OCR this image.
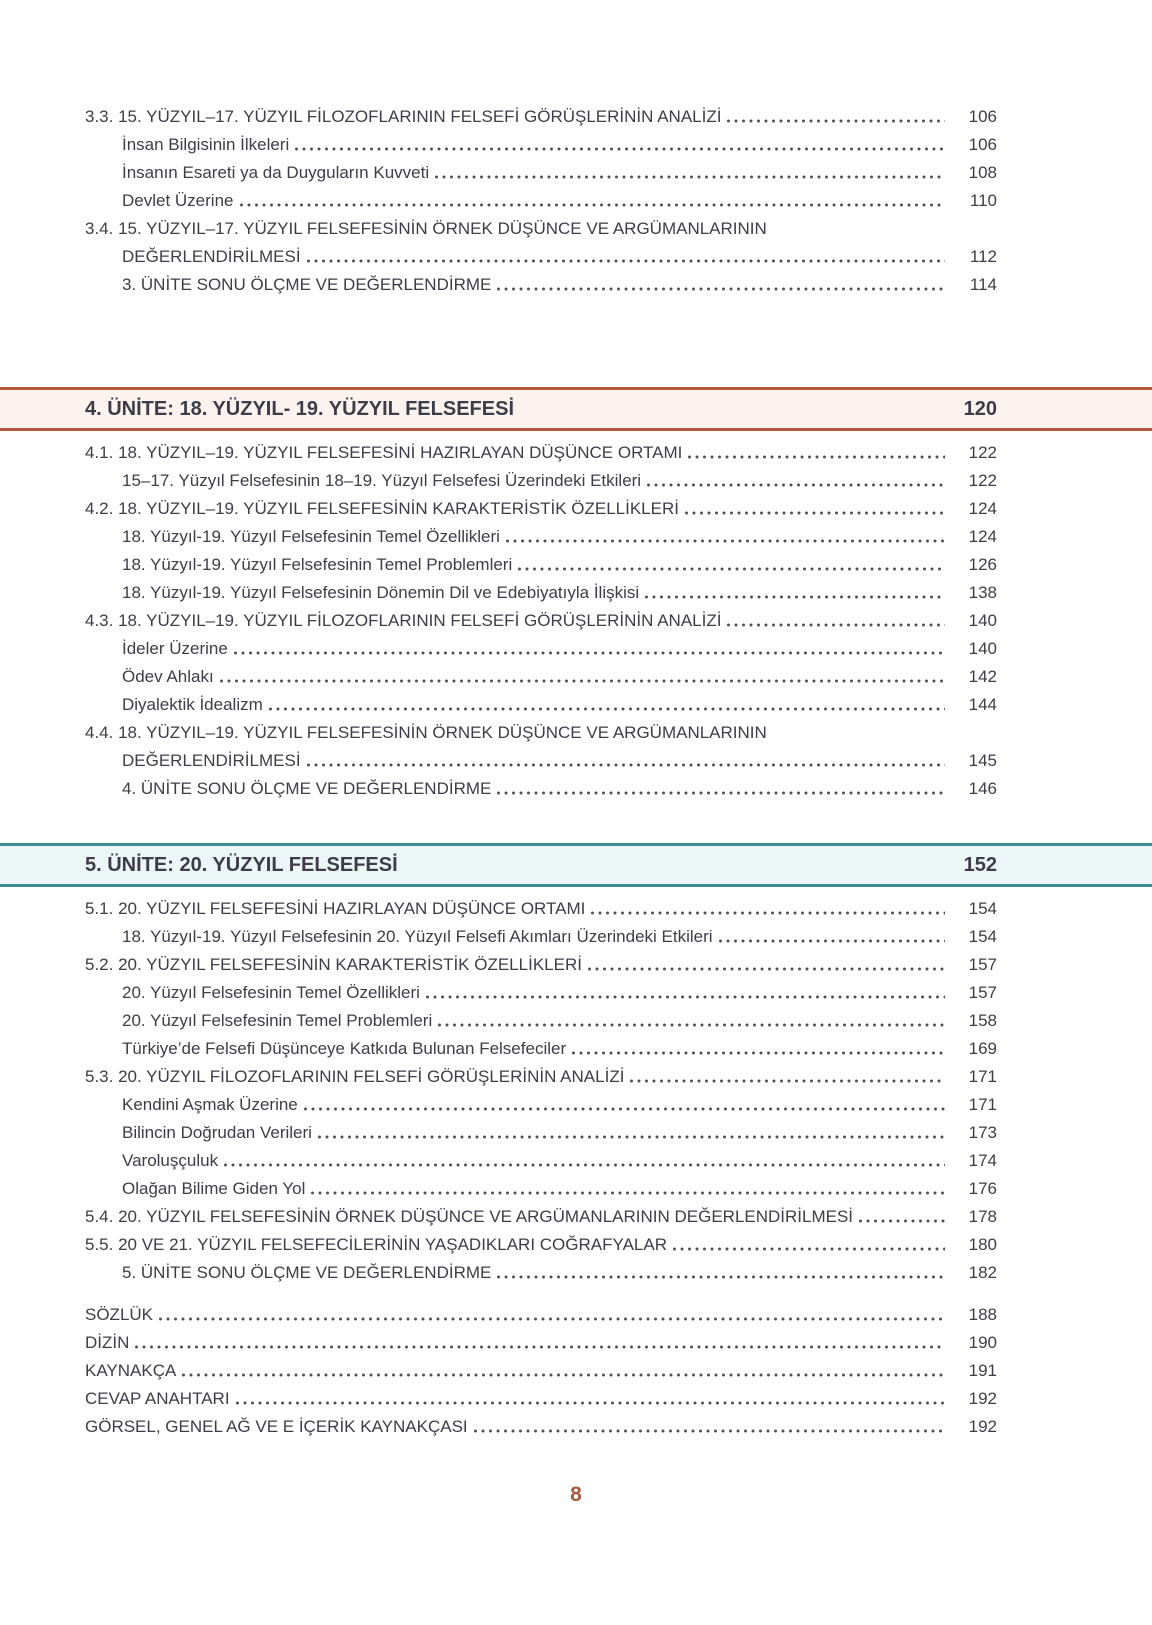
3.3. 15. YÜZYIL–17. YÜZYIL FİLOZOFLARININ FELSEFİ GÖRÜŞLERİNİN ANALİZİ	106
İnsan Bilgisinin İlkeleri	106
İnsanın Esareti ya da Duyguların Kuvveti	108
Devlet Üzerine	110
3.4. 15. YÜZYIL–17. YÜZYIL FELSEFESİNİN ÖRNEK DÜŞÜNCE VE ARGÜMANLARININ
DEĞERLENDİRİLMESİ	112
3. ÜNİTE SONU ÖLÇME VE DEĞERLENDİRME	114
4. ÜNİTE: 18. YÜZYIL- 19. YÜZYIL FELSEFESİ	120
4.1. 18. YÜZYIL–19. YÜZYIL FELSEFESİNİ HAZIRLAYAN DÜŞÜNCE ORTAMI	122
15–17. Yüzyıl Felsefesinin 18–19. Yüzyıl Felsefesi Üzerindeki Etkileri	122
4.2. 18. YÜZYIL–19. YÜZYIL FELSEFESİNİN KARAKTERİSTİK ÖZELLİKLERİ	124
18. Yüzyıl-19. Yüzyıl Felsefesinin Temel Özellikleri	124
18. Yüzyıl-19. Yüzyıl Felsefesinin Temel Problemleri	126
18. Yüzyıl-19. Yüzyıl Felsefesinin Dönemin Dil ve Edebiyatıyla İlişkisi	138
4.3. 18. YÜZYIL–19. YÜZYIL FİLOZOFLARININ FELSEFİ GÖRÜŞLERİNİN ANALİZİ	140
İdeler Üzerine	140
Ödev Ahlakı	142
Diyalektik İdealizm	144
4.4. 18. YÜZYIL–19. YÜZYIL FELSEFESİNİN ÖRNEK DÜŞÜNCE VE ARGÜMANLARININ
DEĞERLENDİRİLMESİ	145
4. ÜNİTE SONU ÖLÇME VE DEĞERLENDİRME	146
5. ÜNİTE: 20. YÜZYIL FELSEFESİ	152
5.1. 20. YÜZYIL FELSEFESİNİ HAZIRLAYAN DÜŞÜNCE ORTAMI	154
18. Yüzyıl-19. Yüzyıl Felsefesinin 20. Yüzyıl Felsefi Akımları Üzerindeki Etkileri	154
5.2. 20. YÜZYIL FELSEFESİNİN KARAKTERİSTİK ÖZELLİKLERİ	157
20. Yüzyıl Felsefesinin Temel Özellikleri	157
20. Yüzyıl Felsefesinin Temel Problemleri	158
Türkiye’de Felsefi Düşünceye Katkıda Bulunan Felsefeciler	169
5.3. 20. YÜZYIL FİLOZOFLARININ FELSEFİ GÖRÜŞLERİNİN ANALİZİ	171
Kendini Aşmak Üzerine	171
Bilincin Doğrudan Verileri	173
Varoluşçuluk	174
Olağan Bilime Giden Yol	176
5.4. 20. YÜZYIL FELSEFESİNİN ÖRNEK DÜŞÜNCE VE ARGÜMANLARININ DEĞERLENDİRİLMESİ	178
5.5. 20 VE 21. YÜZYIL FELSEFECİLERİNİN YAŞADIKLARI COĞRAFYALAR	180
5. ÜNİTE SONU ÖLÇME VE DEĞERLENDİRME	182
SÖZLÜK	188
DİZİN	190
KAYNAKÇA	191
CEVAP ANAHTARI	192
GÖRSEL, GENEL AĞ VE E İÇERİK KAYNAKÇASI	192
8
